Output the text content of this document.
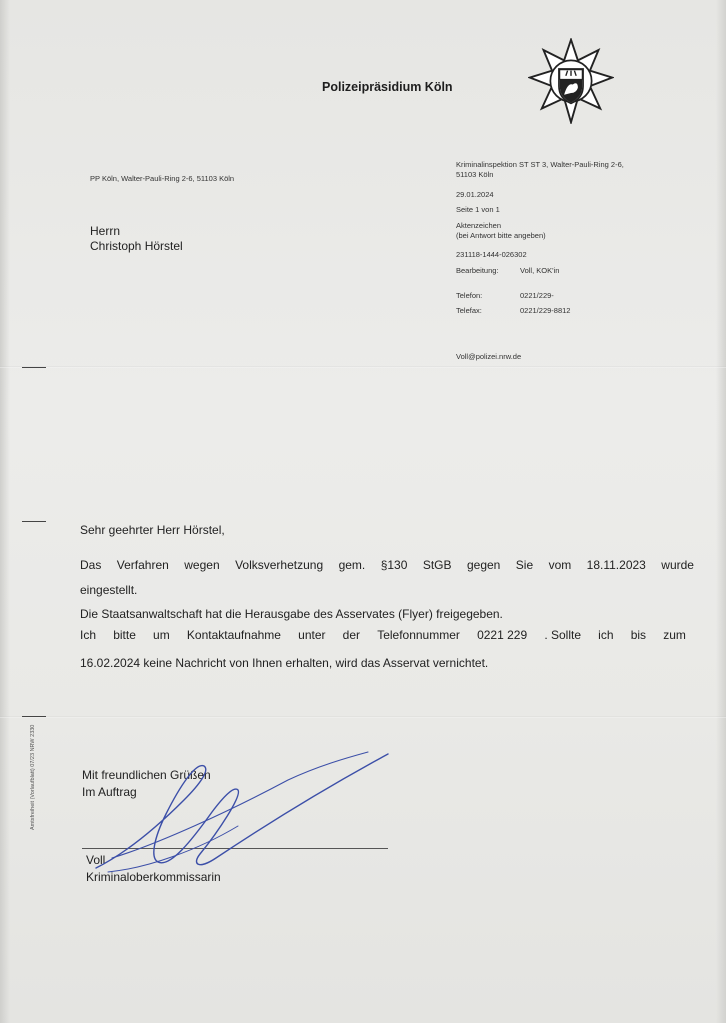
Polizeipräsidium Köln
PP Köln, Walter-Pauli-Ring 2-6, 51103 Köln
Herrn
Christoph Hörstel
Kriminalinspektion ST ST 3, Walter-Pauli-Ring 2-6,
51103 Köln
29.01.2024
Seite 1 von 1
Aktenzeichen
(bei Antwort bitte angeben)
231118-1444-026302
Bearbeitung:	Voll, KOK'in
Telefon:	0221/229-
Telefax:	0221/229-8812
Voll@polizei.nrw.de
Sehr geehrter Herr Hörstel,
Das Verfahren wegen Volksverhetzung gem. §130 StGB gegen Sie vom 18.11.2023 wurde
eingestellt.
Die Staatsanwaltschaft hat die Herausgabe des Asservates (Flyer) freigegeben.
Ich bitte um Kontaktaufnahme unter der Telefonnummer 0221 229 . Sollte ich bis zum
16.02.2024 keine Nachricht von Ihnen erhalten, wird das Asservat vernichtet.
Mit freundlichen Grüßen
Im Auftrag
Voll
Kriminaloberkommissarin
Amtsfreiheit (Vorlaufblatt) 07/23 NRW 2330
